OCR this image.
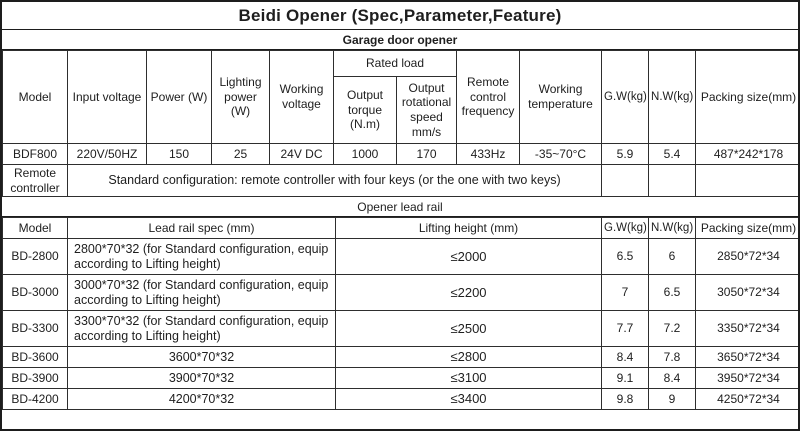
Beidi Opener (Spec,Parameter,Feature)
Garage door opener
Model	Input voltage	Power (W)	Lighting power (W)	Working voltage	Rated load		Remote control frequency	Working temperature	G.W(kg)	N.W(kg)	Packing size(mm)
					Output torque (N.m)	Output rotational speed mm/s					
BDF800	220V/50HZ	150	25	24V DC	1000	170	433Hz	-35~70°C	5.9	5.4	487*242*178
Remote controller	Standard configuration: remote controller with four keys (or the one with two keys)										
Opener lead rail
Model	Lead rail spec (mm)	Lifting height (mm)	G.W(kg)	N.W(kg)	Packing size(mm)
BD-2800	2800*70*32 (for Standard configuration, equip according to Lifting height)	≤2000	6.5	6	2850*72*34
BD-3000	3000*70*32 (for Standard configuration, equip according to Lifting height)	≤2200	7	6.5	3050*72*34
BD-3300	3300*70*32 (for Standard configuration, equip according to Lifting height)	≤2500	7.7	7.2	3350*72*34
BD-3600	3600*70*32	≤2800	8.4	7.8	3650*72*34
BD-3900	3900*70*32	≤3100	9.1	8.4	3950*72*34
BD-4200	4200*70*32	≤3400	9.8	9	4250*72*34
